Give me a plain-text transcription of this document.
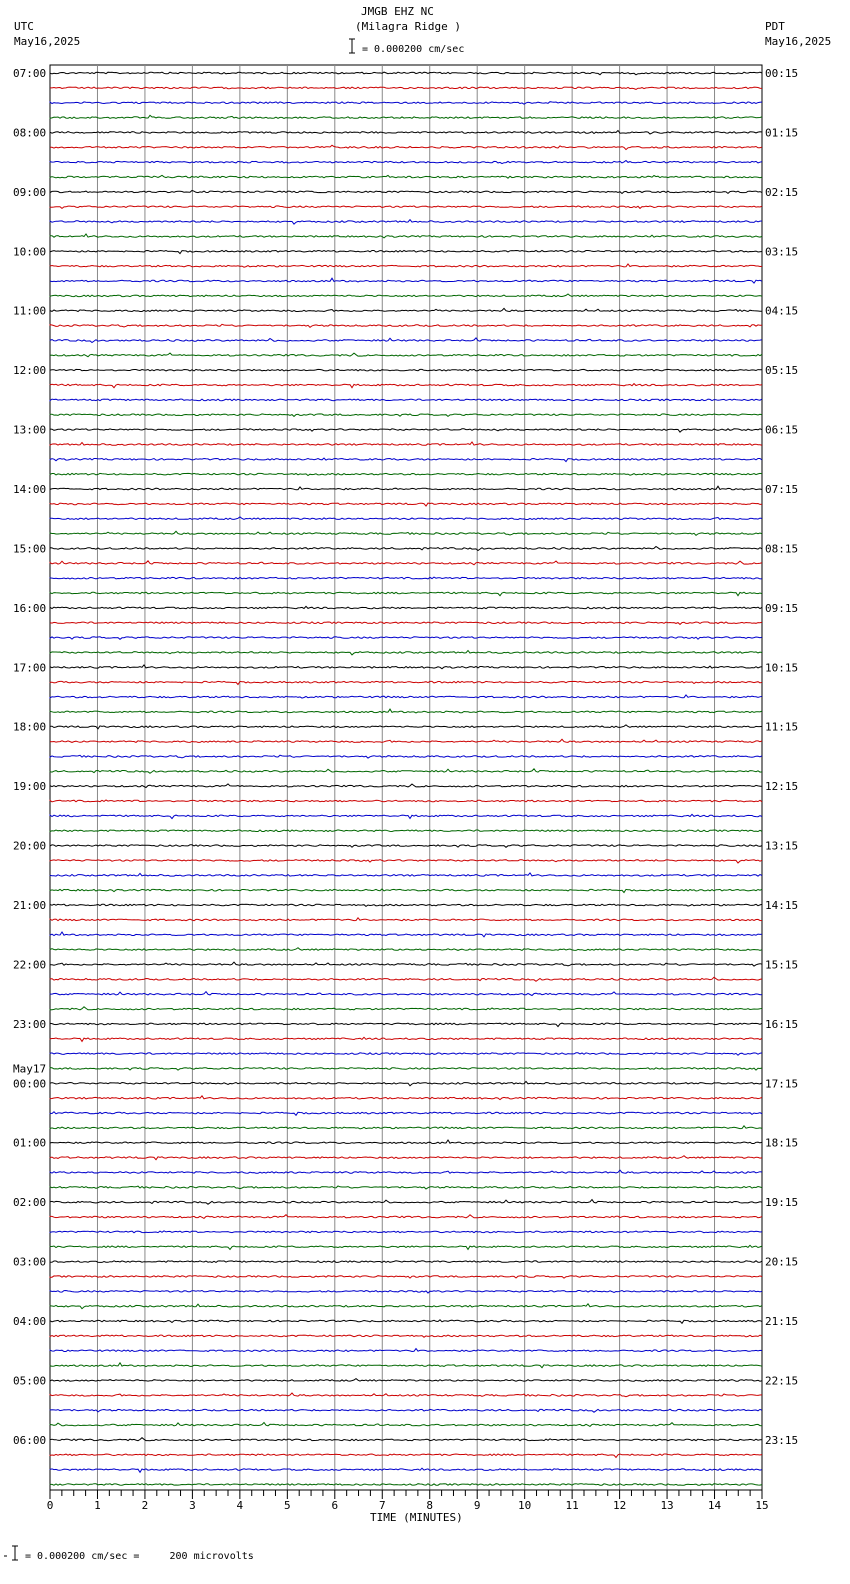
UTC
May16,2025
PDT
May16,2025
JMGB EHZ NC
(Milagra Ridge )
= 0.000200 cm/sec
= 0.000200 cm/sec =     200 microvolts
TIME (MINUTES)
07:00	00:15
08:00	01:15
09:00	02:15
10:00	03:15
11:00	04:15
12:00	05:15
13:00	06:15
14:00	07:15
15:00	08:15
16:00	09:15
17:00	10:15
18:00	11:15
19:00	12:15
20:00	13:15
21:00	14:15
22:00	15:15
23:00	16:15
00:00	17:15
May17
01:00	18:15
02:00	19:15
03:00	20:15
04:00	21:15
05:00	22:15
06:00	23:15
0	1	2	3	4	5	6	7	8	9	10	11	12	13	14	15
